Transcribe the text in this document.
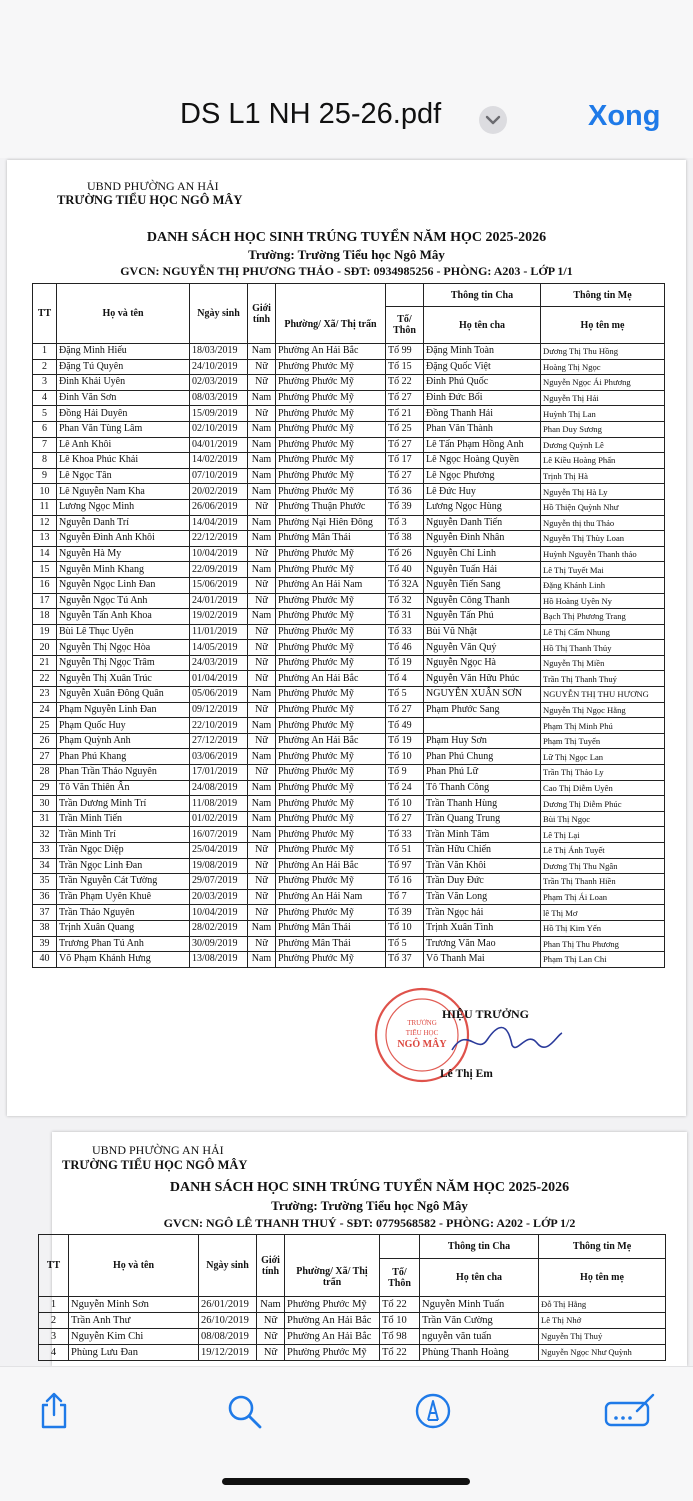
DS L1 NH 25-26.pdf	Xong
UBND PHƯỜNG AN HẢI
TRƯỜNG TIỂU HỌC NGÔ MÂY
DANH SÁCH HỌC SINH TRÚNG TUYỂN NĂM HỌC 2025-2026
Trường: Trường Tiểu học Ngô Mây
GVCN: NGUYỄN THỊ PHƯƠNG THẢO - SĐT: 0934985256 - PHÒNG: A203 - LỚP 1/1
TT	Họ và tên	Ngày sinh	Giới tính			Thông tin Cha	Thông tin Mẹ
				Phường/ Xã/ Thị trấn	Tổ/ Thôn	Họ tên cha	Họ tên mẹ
1	Đặng Minh Hiếu	18/03/2019	Nam	Phường An Hải Bắc	Tổ 99	Đặng Minh Toàn	Dương Thị Thu Hồng
2	Đặng Tú Quyên	24/10/2019	Nữ	Phường Phước Mỹ	Tổ 15	Đặng Quốc Việt	Hoàng Thị Ngọc
3	Đinh Khải Uyên	02/03/2019	Nữ	Phường Phước Mỹ	Tổ 22	Đinh Phú Quốc	Nguyễn Ngọc Ái Phương
4	Đinh Văn Sơn	08/03/2019	Nam	Phường Phước Mỹ	Tổ 27	Đinh Đức Bổi	Nguyễn Thị Hải
5	Đồng Hải Duyên	15/09/2019	Nữ	Phường Phước Mỹ	Tổ 21	Đồng Thanh Hải	Huỳnh Thị Lan
6	Phan Văn Tùng Lâm	02/10/2019	Nam	Phường Phước Mỹ	Tổ 25	Phan Văn Thành	Phan Duy Sương
7	Lê Anh Khôi	04/01/2019	Nam	Phường Phước Mỹ	Tổ 27	Lê Tấn Phạm Hồng Anh	Dương Quỳnh Lê
8	Lê Khoa Phúc Khải	14/02/2019	Nam	Phường Phước Mỹ	Tổ 17	Lê Ngọc Hoàng Quyền	Lê Kiều Hoàng Phấn
9	Lê Ngọc Tân	07/10/2019	Nam	Phường Phước Mỹ	Tổ 27	Lê Ngọc Phương	Trịnh Thị Hà
10	Lê Nguyễn Nam Kha	20/02/2019	Nam	Phường Phước Mỹ	Tổ 36	Lê Đức Huy	Nguyễn Thị Hà Ly
11	Lương Ngọc Minh	26/06/2019	Nữ	Phường Thuận Phước	Tổ 39	Lương Ngọc Hùng	Hồ Thiện Quỳnh Như
12	Nguyễn Danh Trí	14/04/2019	Nam	Phường Nại Hiên Đông	Tổ 3	Nguyễn Danh Tiến	Nguyễn thị thu Thảo
13	Nguyễn Đình Anh Khôi	22/12/2019	Nam	Phường Mân Thái	Tổ 38	Nguyễn Đình Nhân	Nguyễn Thị Thùy Loan
14	Nguyễn Hà My	10/04/2019	Nữ	Phường Phước Mỹ	Tổ 26	Nguyễn Chí Linh	Huỳnh Nguyễn Thanh thảo
15	Nguyễn Minh Khang	22/09/2019	Nam	Phường Phước Mỹ	Tổ 40	Nguyễn Tuấn Hải	Lê Thị Tuyết Mai
16	Nguyễn Ngọc Linh Đan	15/06/2019	Nữ	Phường An Hải Nam	Tổ 32A	Nguyễn Tiến Sang	Đặng Khánh Linh
17	Nguyễn Ngọc Tú Anh	24/01/2019	Nữ	Phường Phước Mỹ	Tổ 32	Nguyễn Công Thanh	Hồ Hoàng Uyên Ny
18	Nguyễn Tấn Anh Khoa	19/02/2019	Nam	Phường Phước Mỹ	Tổ 31	Nguyễn Tấn Phú	Bạch Thị Phương Trang
19	Bùi Lê Thục Uyên	11/01/2019	Nữ	Phường Phước Mỹ	Tổ 33	Bùi Vũ Nhật	Lê Thị Cẩm Nhung
20	Nguyễn Thị Ngọc Hòa	14/05/2019	Nữ	Phường Phước Mỹ	Tổ 46	Nguyễn Văn Quý	Hồ Thị Thanh Thủy
21	Nguyễn Thị Ngọc Trâm	24/03/2019	Nữ	Phường Phước Mỹ	Tổ 19	Nguyễn Ngọc Hà	Nguyễn Thị Miền
22	Nguyễn Thị Xuân Trúc	01/04/2019	Nữ	Phường An Hải Bắc	Tổ 4	Nguyễn Văn Hữu Phúc	Trần Thị Thanh Thuý
23	Nguyễn Xuân Đông Quân	05/06/2019	Nam	Phường Phước Mỹ	Tổ 5	NGUYỄN XUÂN SƠN	NGUYỄN THỊ THU HƯƠNG
24	Phạm Nguyễn Linh Đan	09/12/2019	Nữ	Phường Phước Mỹ	Tổ 27	Phạm Phước Sang	Nguyễn Thị Ngọc Hằng
25	Phạm Quốc Huy	22/10/2019	Nam	Phường Phước Mỹ	Tổ 49		Phạm Thị Minh Phú
26	Phạm Quỳnh Anh	27/12/2019	Nữ	Phường An Hải Bắc	Tổ 19	Phạm Huy Sơn	Phạm Thị Tuyến
27	Phan Phú Khang	03/06/2019	Nam	Phường Phước Mỹ	Tổ 10	Phan Phú Chung	Lữ Thị Ngọc Lan
28	Phan Trần Thảo Nguyên	17/01/2019	Nữ	Phường Phước Mỹ	Tổ 9	Phan Phú Lữ	Trần Thị Thảo Ly
29	Tô Văn Thiên Ân	24/08/2019	Nam	Phường Phước Mỹ	Tổ 24	Tô Thanh Công	Cao Thị Diễm Uyên
30	Trần Dương Minh Trí	11/08/2019	Nam	Phường Phước Mỹ	Tổ 10	Trần Thanh Hùng	Dương Thị Diễm Phúc
31	Trần Minh Tiến	01/02/2019	Nam	Phường Phước Mỹ	Tổ 27	Trần Quang Trung	Bùi Thị Ngọc
32	Trần Minh Trí	16/07/2019	Nam	Phường Phước Mỹ	Tổ 33	Trần Minh Tâm	Lê Thị Lại
33	Trần Ngọc Diệp	25/04/2019	Nữ	Phường Phước Mỹ	Tổ 51	Trần Hữu Chiến	Lê Thị Ánh Tuyết
34	Trần Ngọc Linh Đan	19/08/2019	Nữ	Phường An Hải Bắc	Tổ 97	Trần Văn Khôi	Dương Thị Thu Ngân
35	Trần Nguyễn Cát Tường	29/07/2019	Nữ	Phường Phước Mỹ	Tổ 16	Trần Duy Đức	Trần Thị Thanh Hiền
36	Trần Phạm Uyên Khuê	20/03/2019	Nữ	Phường An Hải Nam	Tổ 7	Trần Văn Long	Phạm Thị Ái Loan
37	Trần Thảo Nguyên	10/04/2019	Nữ	Phường Phước Mỹ	Tổ 39	Trần Ngọc hải	lê Thị Mơ
38	Trịnh Xuân Quang	28/02/2019	Nam	Phường Mân Thái	Tổ 10	Trịnh Xuân Tình	Hồ Thị Kim Yến
39	Trương Phan Tú Anh	30/09/2019	Nữ	Phường Mân Thái	Tổ 5	Trương Văn Mao	Phan Thị Thu Phương
40	Võ Phạm Khánh Hưng	13/08/2019	Nam	Phường Phước Mỹ	Tổ 37	Võ Thanh Mai	Phạm Thị Lan Chi
TRƯỜNG
TIỂU HỌC
NGÔ MÂY
HIỆU TRƯỞNG
Lê Thị Em
UBND PHƯỜNG AN HẢI
TRƯỜNG TIỂU HỌC NGÔ MÂY
DANH SÁCH HỌC SINH TRÚNG TUYỂN NĂM HỌC 2025-2026
Trường: Trường Tiểu học Ngô Mây
GVCN: NGÔ LÊ THANH THUÝ - SĐT: 0779568582 - PHÒNG: A202 - LỚP 1/2
TT	Họ và tên	Ngày sinh	Giới tính			Thông tin Cha	Thông tin Mẹ
				Phường/ Xã/ Thị trấn	Tổ/ Thôn	Họ tên cha	Họ tên mẹ
1	Nguyễn Minh Sơn	26/01/2019	Nam	Phường Phước Mỹ	Tổ 22	Nguyễn Minh Tuấn	Đỗ Thị Hằng
2	Trần Anh Thư	26/10/2019	Nữ	Phường An Hải Bắc	Tổ 10	Trần Văn Cường	Lê Thị Nhớ
3	Nguyễn Kim Chi	08/08/2019	Nữ	Phường An Hải Bắc	Tổ 98	nguyễn văn tuấn	Nguyễn Thị Thuý
4	Phùng Lưu Đan	19/12/2019	Nữ	Phường Phước Mỹ	Tổ 22	Phùng Thanh Hoàng	Nguyễn Ngọc Như Quỳnh
